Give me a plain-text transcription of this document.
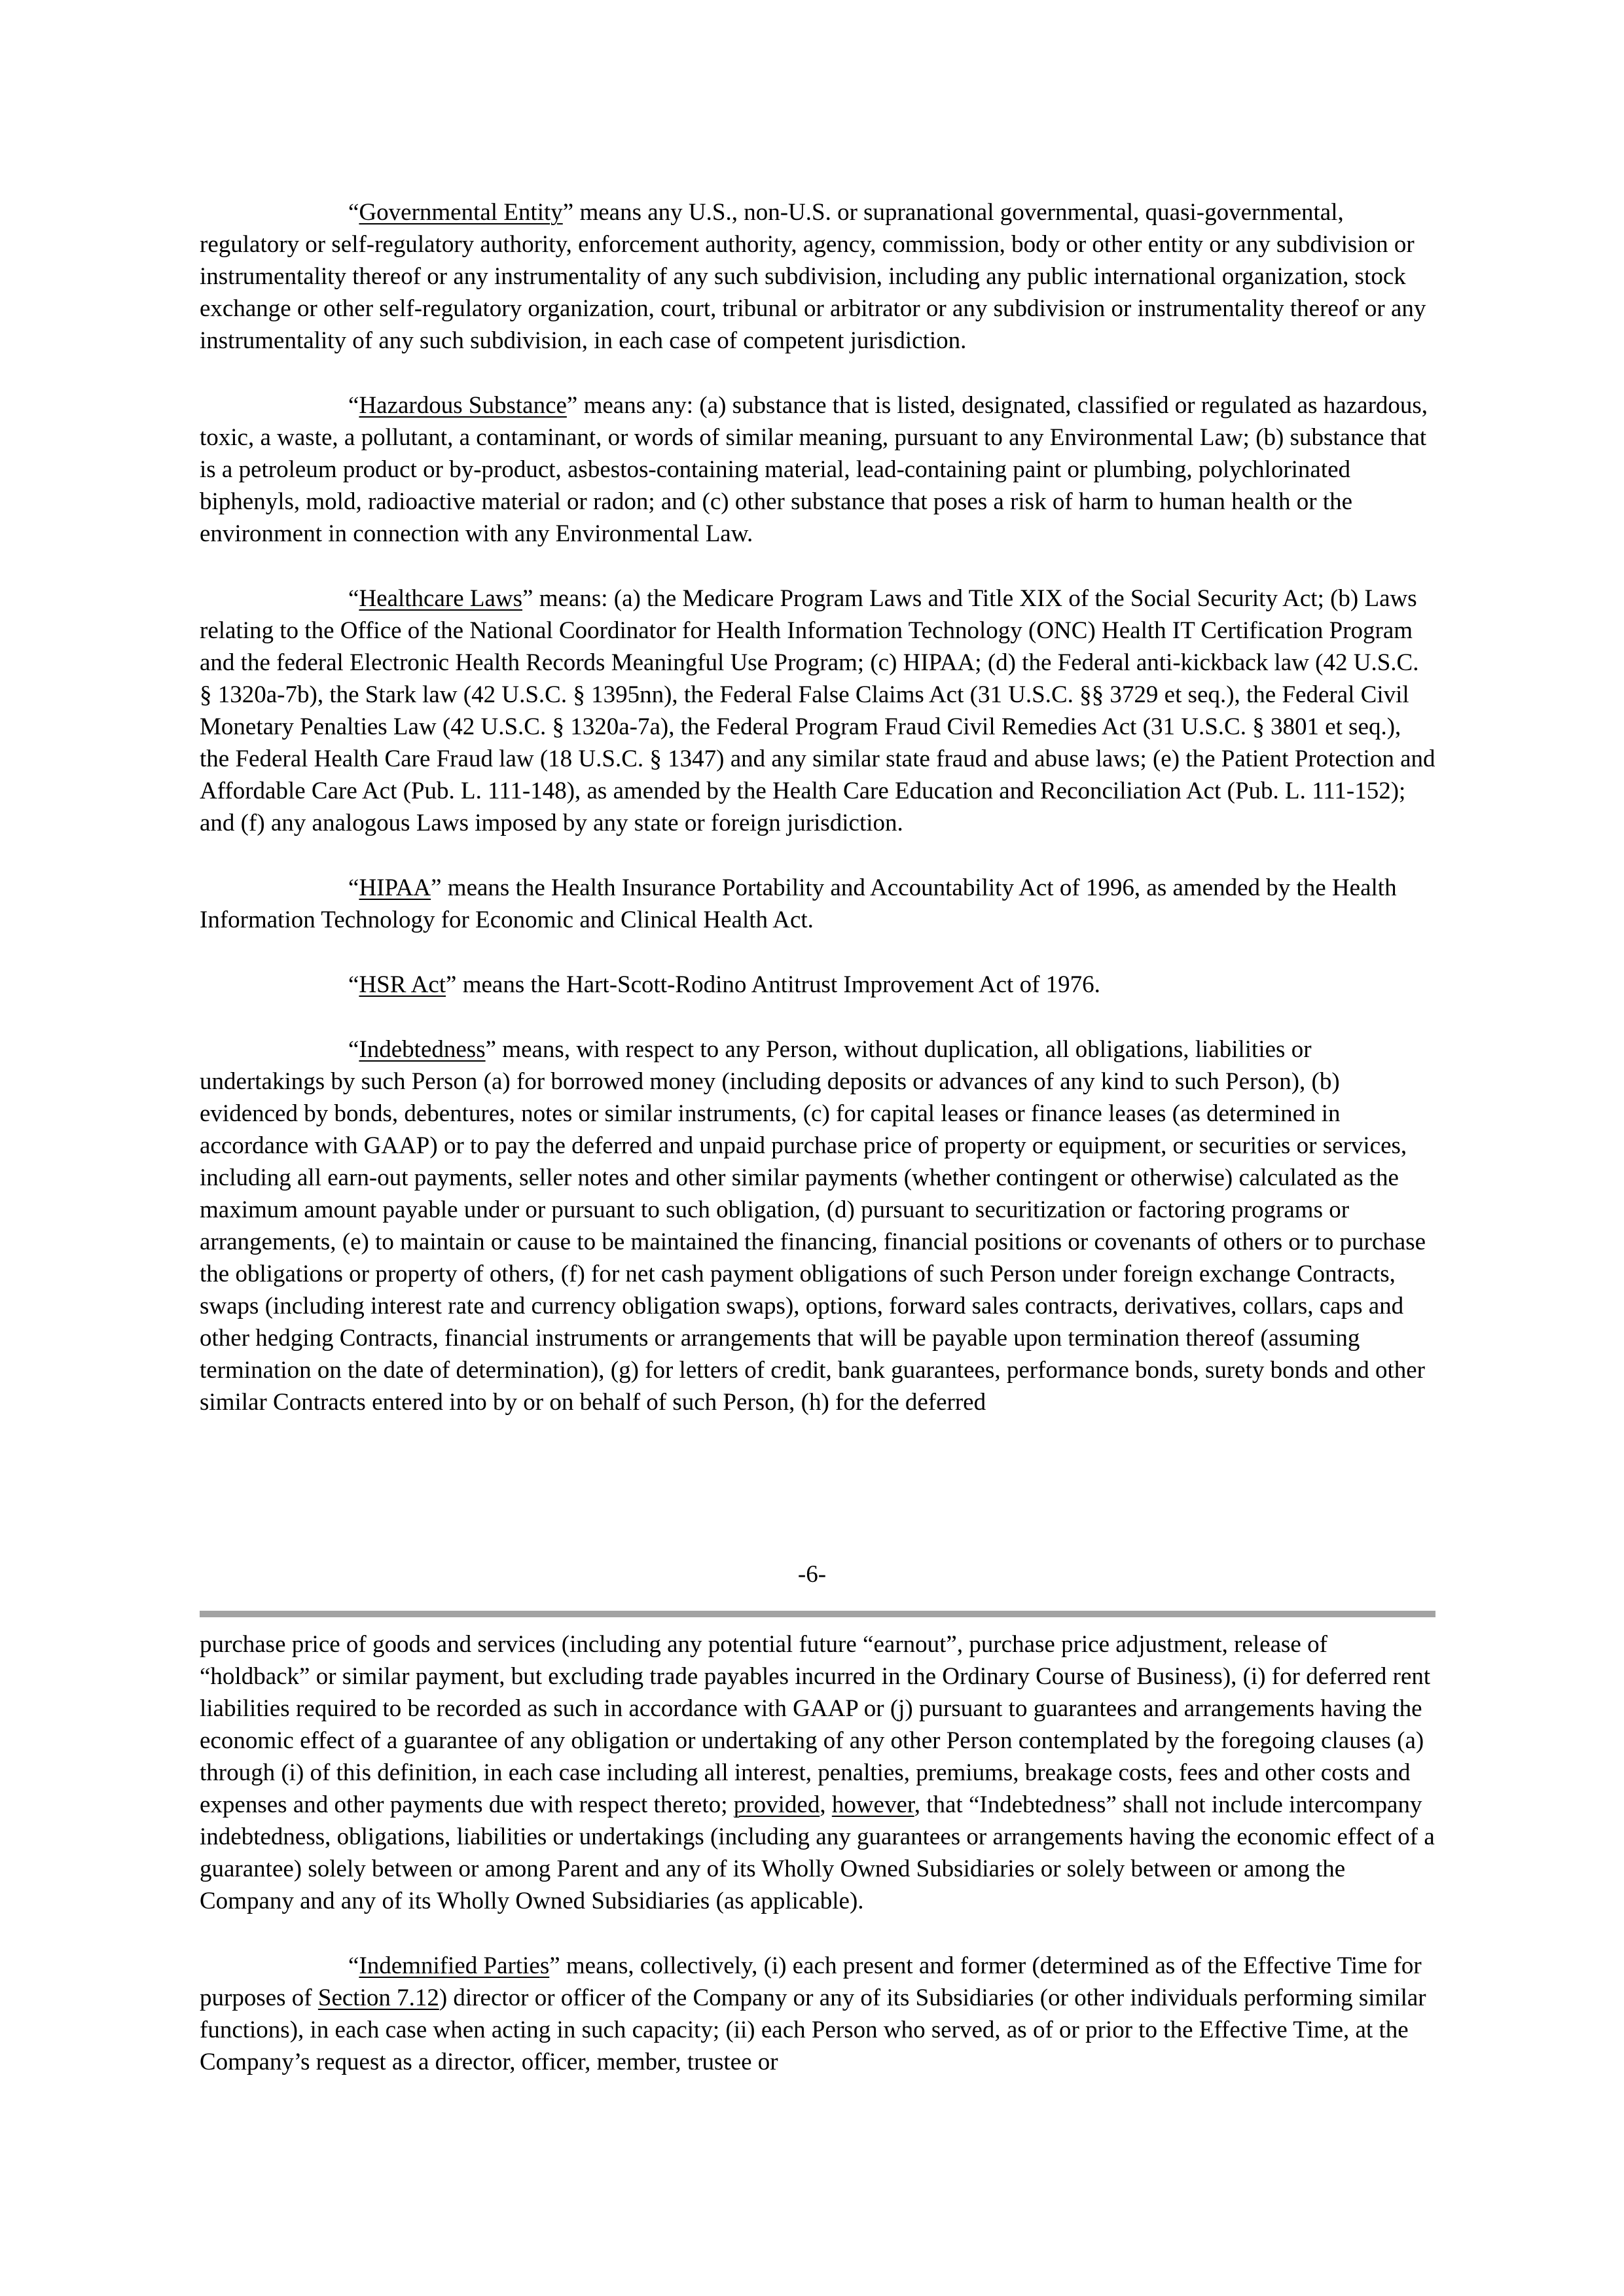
“Governmental Entity” means any U.S., non-U.S. or supranational governmental, quasi-governmental, regulatory or self-regulatory authority, enforcement authority, agency, commission, body or other entity or any subdivision or instrumentality thereof or any instrumentality of any such subdivision, including any public international organization, stock exchange or other self-regulatory organization, court, tribunal or arbitrator or any subdivision or instrumentality thereof or any instrumentality of any such subdivision, in each case of competent jurisdiction.

“Hazardous Substance” means any: (a) substance that is listed, designated, classified or regulated as hazardous, toxic, a waste, a pollutant, a contaminant, or words of similar meaning, pursuant to any Environmental Law; (b) substance that is a petroleum product or by-product, asbestos-containing material, lead-containing paint or plumbing, polychlorinated biphenyls, mold, radioactive material or radon; and (c) other substance that poses a risk of harm to human health or the environment in connection with any Environmental Law.

“Healthcare Laws” means: (a) the Medicare Program Laws and Title XIX of the Social Security Act; (b) Laws relating to the Office of the National Coordinator for Health Information Technology (ONC) Health IT Certification Program and the federal Electronic Health Records Meaningful Use Program; (c) HIPAA; (d) the Federal anti-kickback law (42 U.S.C. § 1320a-7b), the Stark law (42 U.S.C. § 1395nn), the Federal False Claims Act (31 U.S.C. §§ 3729 et seq.), the Federal Civil Monetary Penalties Law (42 U.S.C. § 1320a-7a), the Federal Program Fraud Civil Remedies Act (31 U.S.C. § 3801 et seq.), the Federal Health Care Fraud law (18 U.S.C. § 1347) and any similar state fraud and abuse laws; (e) the Patient Protection and Affordable Care Act (Pub. L. 111-148), as amended by the Health Care Education and Reconciliation Act (Pub. L. 111-152); and (f) any analogous Laws imposed by any state or foreign jurisdiction.

“HIPAA” means the Health Insurance Portability and Accountability Act of 1996, as amended by the Health Information Technology for Economic and Clinical Health Act.

“HSR Act” means the Hart-Scott-Rodino Antitrust Improvement Act of 1976.

“Indebtedness” means, with respect to any Person, without duplication, all obligations, liabilities or undertakings by such Person (a) for borrowed money (including deposits or advances of any kind to such Person), (b) evidenced by bonds, debentures, notes or similar instruments, (c) for capital leases or finance leases (as determined in accordance with GAAP) or to pay the deferred and unpaid purchase price of property or equipment, or securities or services, including all earn-out payments, seller notes and other similar payments (whether contingent or otherwise) calculated as the maximum amount payable under or pursuant to such obligation, (d) pursuant to securitization or factoring programs or arrangements, (e) to maintain or cause to be maintained the financing, financial positions or covenants of others or to purchase the obligations or property of others, (f) for net cash payment obligations of such Person under foreign exchange Contracts, swaps (including interest rate and currency obligation swaps), options, forward sales contracts, derivatives, collars, caps and other hedging Contracts, financial instruments or arrangements that will be payable upon termination thereof (assuming termination on the date of determination), (g) for letters of credit, bank guarantees, performance bonds, surety bonds and other similar Contracts entered into by or on behalf of such Person, (h) for the deferred

-6-

purchase price of goods and services (including any potential future “earnout”, purchase price adjustment, release of “holdback” or similar payment, but excluding trade payables incurred in the Ordinary Course of Business), (i) for deferred rent liabilities required to be recorded as such in accordance with GAAP or (j) pursuant to guarantees and arrangements having the economic effect of a guarantee of any obligation or undertaking of any other Person contemplated by the foregoing clauses (a) through (i) of this definition, in each case including all interest, penalties, premiums, breakage costs, fees and other costs and expenses and other payments due with respect thereto; provided, however, that “Indebtedness” shall not include intercompany indebtedness, obligations, liabilities or undertakings (including any guarantees or arrangements having the economic effect of a guarantee) solely between or among Parent and any of its Wholly Owned Subsidiaries or solely between or among the Company and any of its Wholly Owned Subsidiaries (as applicable).

“Indemnified Parties” means, collectively, (i) each present and former (determined as of the Effective Time for purposes of Section 7.12) director or officer of the Company or any of its Subsidiaries (or other individuals performing similar functions), in each case when acting in such capacity; (ii) each Person who served, as of or prior to the Effective Time, at the Company’s request as a director, officer, member, trustee or
